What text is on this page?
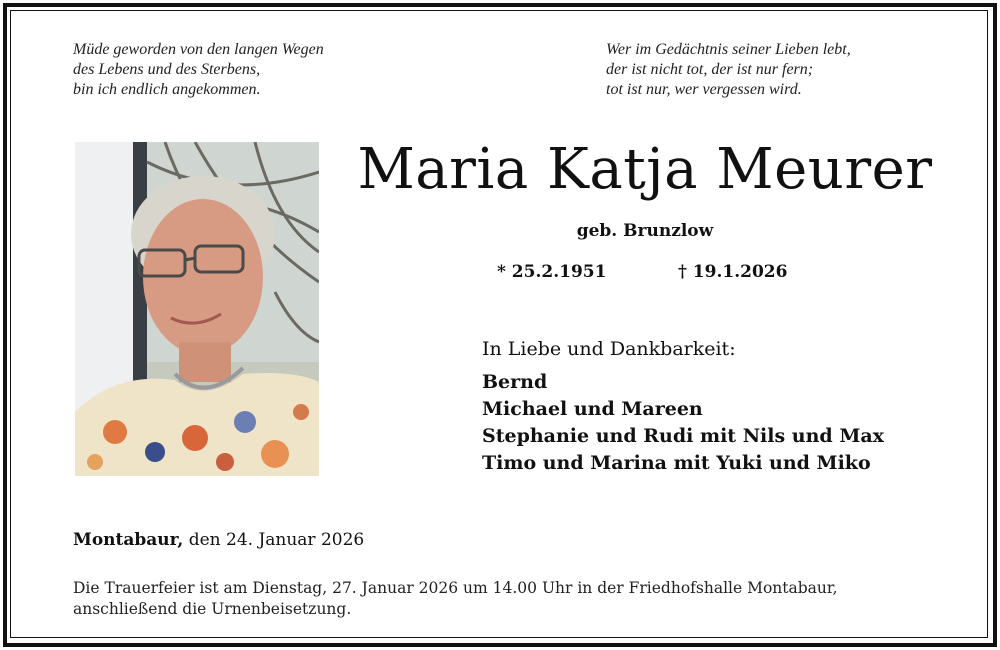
Müde geworden von den langen Wegen
des Lebens und des Sterbens,
bin ich endlich angekommen.
Wer im Gedächtnis seiner Lieben lebt,
der ist nicht tot, der ist nur fern;
tot ist nur, wer vergessen wird.
Maria Katja Meurer
geb. Brunzlow
* 25.2.1951	† 19.1.2026
In Liebe und Dankbarkeit:
Bernd
Michael und Mareen
Stephanie und Rudi mit Nils und Max
Timo und Marina mit Yuki und Miko
Montabaur, den 24. Januar 2026
Die Trauerfeier ist am Dienstag, 27. Januar 2026 um 14.00 Uhr in der Friedhofshalle Montabaur,
anschließend die Urnenbeisetzung.
